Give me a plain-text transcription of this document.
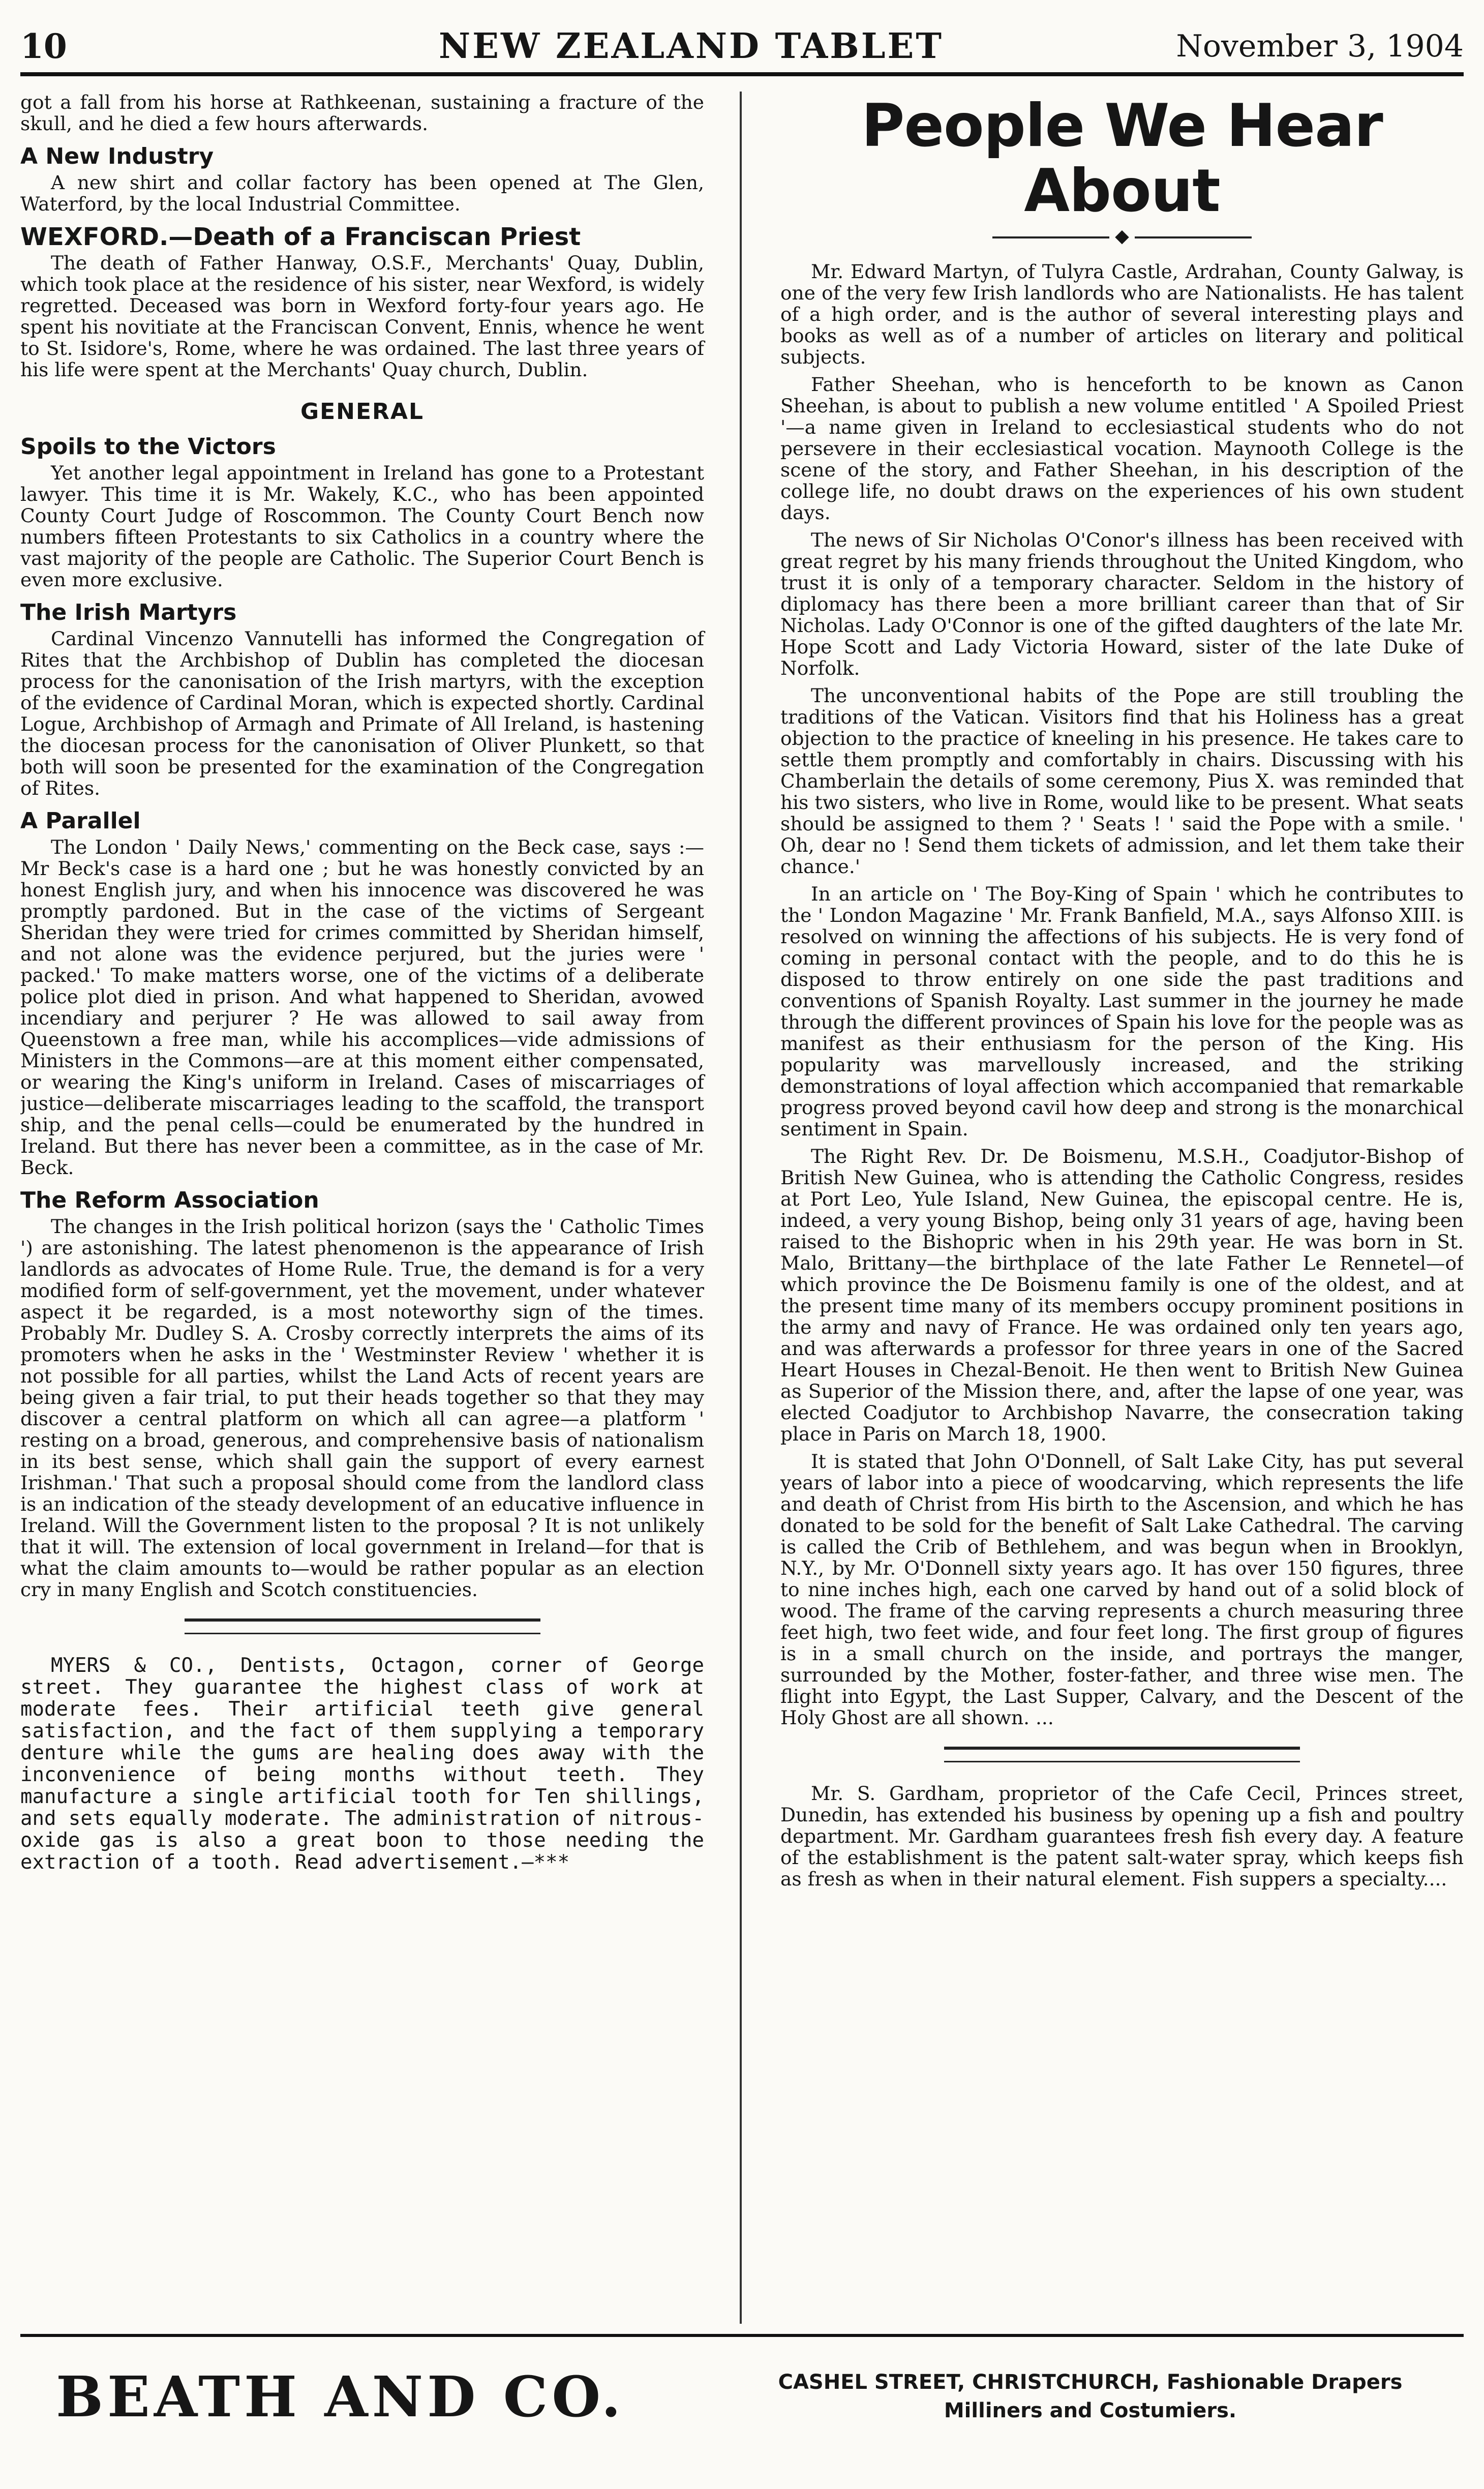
10	NEW ZEALAND TABLET	November 3, 1904

got a fall from his horse at Rathkeenan, sustaining a fracture of the skull, and he died a few hours afterwards.

A New Industry

A new shirt and collar factory has been opened at The Glen, Waterford, by the local Industrial Committee.

WEXFORD.—Death of a Franciscan Priest

The death of Father Hanway, O.S.F., Merchants' Quay, Dublin, which took place at the residence of his sister, near Wexford, is widely regretted. Deceased was born in Wexford forty-four years ago. He spent his novitiate at the Franciscan Convent, Ennis, whence he went to St. Isidore's, Rome, where he was ordained. The last three years of his life were spent at the Merchants' Quay church, Dublin.

GENERAL
Spoils to the Victors

Yet another legal appointment in Ireland has gone to a Protestant lawyer. This time it is Mr. Wakely, K.C., who has been appointed County Court Judge of Roscommon. The County Court Bench now numbers fifteen Protestants to six Catholics in a country where the vast majority of the people are Catholic. The Superior Court Bench is even more exclusive.

The Irish Martyrs

Cardinal Vincenzo Vannutelli has informed the Congregation of Rites that the Archbishop of Dublin has completed the diocesan process for the canonisation of the Irish martyrs, with the exception of the evidence of Cardinal Moran, which is expected shortly. Cardinal Logue, Archbishop of Armagh and Primate of All Ireland, is hastening the diocesan process for the canonisation of Oliver Plunkett, so that both will soon be presented for the examination of the Congregation of Rites.

A Parallel

The London ' Daily News,' commenting on the Beck case, says :—Mr Beck's case is a hard one ; but he was honestly convicted by an honest English jury, and when his innocence was discovered he was promptly pardoned. But in the case of the victims of Sergeant Sheridan they were tried for crimes committed by Sheridan himself, and not alone was the evidence perjured, but the juries were ' packed.' To make matters worse, one of the victims of a deliberate police plot died in prison. And what happened to Sheridan, avowed incendiary and perjurer ? He was allowed to sail away from Queenstown a free man, while his accomplices—vide admissions of Ministers in the Commons—are at this moment either compensated, or wearing the King's uniform in Ireland. Cases of miscarriages of justice—deliberate miscarriages leading to the scaffold, the transport ship, and the penal cells—could be enumerated by the hundred in Ireland. But there has never been a committee, as in the case of Mr. Beck.

The Reform Association

The changes in the Irish political horizon (says the ' Catholic Times ') are astonishing. The latest phenomenon is the appearance of Irish landlords as advocates of Home Rule. True, the demand is for a very modified form of self-government, yet the movement, under whatever aspect it be regarded, is a most noteworthy sign of the times. Probably Mr. Dudley S. A. Crosby correctly interprets the aims of its promoters when he asks in the ' Westminster Review ' whether it is not possible for all parties, whilst the Land Acts of recent years are being given a fair trial, to put their heads together so that they may discover a central platform on which all can agree—a platform ' resting on a broad, generous, and comprehensive basis of nationalism in its best sense, which shall gain the support of every earnest Irishman.' That such a proposal should come from the landlord class is an indication of the steady development of an educative influence in Ireland. Will the Government listen to the proposal ? It is not unlikely that it will. The extension of local government in Ireland—for that is what the claim amounts to—would be rather popular as an election cry in many English and Scotch constituencies.

MYERS & CO., Dentists, Octagon, corner of George street. They guarantee the highest class of work at moderate fees. Their artificial teeth give general satisfaction, and the fact of them supplying a temporary denture while the gums are healing does away with the inconvenience of being months without teeth. They manufacture a single artificial tooth for Ten shillings, and sets equally moderate. The administration of nitrous-oxide gas is also a great boon to those needing the extraction of a tooth. Read advertisement.—***

People We Hear About
◆

Mr. Edward Martyn, of Tulyra Castle, Ardrahan, County Galway, is one of the very few Irish landlords who are Nationalists. He has talent of a high order, and is the author of several interesting plays and books as well as of a number of articles on literary and political subjects.

Father Sheehan, who is henceforth to be known as Canon Sheehan, is about to publish a new volume entitled ' A Spoiled Priest '—a name given in Ireland to ecclesiastical students who do not persevere in their ecclesiastical vocation. Maynooth College is the scene of the story, and Father Sheehan, in his description of the college life, no doubt draws on the experiences of his own student days.

The news of Sir Nicholas O'Conor's illness has been received with great regret by his many friends throughout the United Kingdom, who trust it is only of a temporary character. Seldom in the history of diplomacy has there been a more brilliant career than that of Sir Nicholas. Lady O'Connor is one of the gifted daughters of the late Mr. Hope Scott and Lady Victoria Howard, sister of the late Duke of Norfolk.

The unconventional habits of the Pope are still troubling the traditions of the Vatican. Visitors find that his Holiness has a great objection to the practice of kneeling in his presence. He takes care to settle them promptly and comfortably in chairs. Discussing with his Chamberlain the details of some ceremony, Pius X. was reminded that his two sisters, who live in Rome, would like to be present. What seats should be assigned to them ? ' Seats ! ' said the Pope with a smile. ' Oh, dear no ! Send them tickets of admission, and let them take their chance.'

In an article on ' The Boy-King of Spain ' which he contributes to the ' London Magazine ' Mr. Frank Banfield, M.A., says Alfonso XIII. is resolved on winning the affections of his subjects. He is very fond of coming in personal contact with the people, and to do this he is disposed to throw entirely on one side the past traditions and conventions of Spanish Royalty. Last summer in the journey he made through the different provinces of Spain his love for the people was as manifest as their enthusiasm for the person of the King. His popularity was marvellously increased, and the striking demonstrations of loyal affection which accompanied that remarkable progress proved beyond cavil how deep and strong is the monarchical sentiment in Spain.

The Right Rev. Dr. De Boismenu, M.S.H., Coadjutor-Bishop of British New Guinea, who is attending the Catholic Congress, resides at Port Leo, Yule Island, New Guinea, the episcopal centre. He is, indeed, a very young Bishop, being only 31 years of age, having been raised to the Bishopric when in his 29th year. He was born in St. Malo, Brittany—the birthplace of the late Father Le Rennetel—of which province the De Boismenu family is one of the oldest, and at the present time many of its members occupy prominent positions in the army and navy of France. He was ordained only ten years ago, and was afterwards a professor for three years in one of the Sacred Heart Houses in Chezal-Benoit. He then went to British New Guinea as Superior of the Mission there, and, after the lapse of one year, was elected Coadjutor to Archbishop Navarre, the consecration taking place in Paris on March 18, 1900.

It is stated that John O'Donnell, of Salt Lake City, has put several years of labor into a piece of woodcarving, which represents the life and death of Christ from His birth to the Ascension, and which he has donated to be sold for the benefit of Salt Lake Cathedral. The carving is called the Crib of Bethlehem, and was begun when in Brooklyn, N.Y., by Mr. O'Donnell sixty years ago. It has over 150 figures, three to nine inches high, each one carved by hand out of a solid block of wood. The frame of the carving represents a church measuring three feet high, two feet wide, and four feet long. The first group of figures is in a small church on the inside, and portrays the manger, surrounded by the Mother, foster-father, and three wise men. The flight into Egypt, the Last Supper, Calvary, and the Descent of the Holy Ghost are all shown. ...

Mr. S. Gardham, proprietor of the Cafe Cecil, Princes street, Dunedin, has extended his business by opening up a fish and poultry department. Mr. Gardham guarantees fresh fish every day. A feature of the establishment is the patent salt-water spray, which keeps fish as fresh as when in their natural element. Fish suppers a specialty....

BEATH AND CO.	CASHEL STREET, CHRISTCHURCH, Fashionable Drapers
Milliners and Costumiers.
